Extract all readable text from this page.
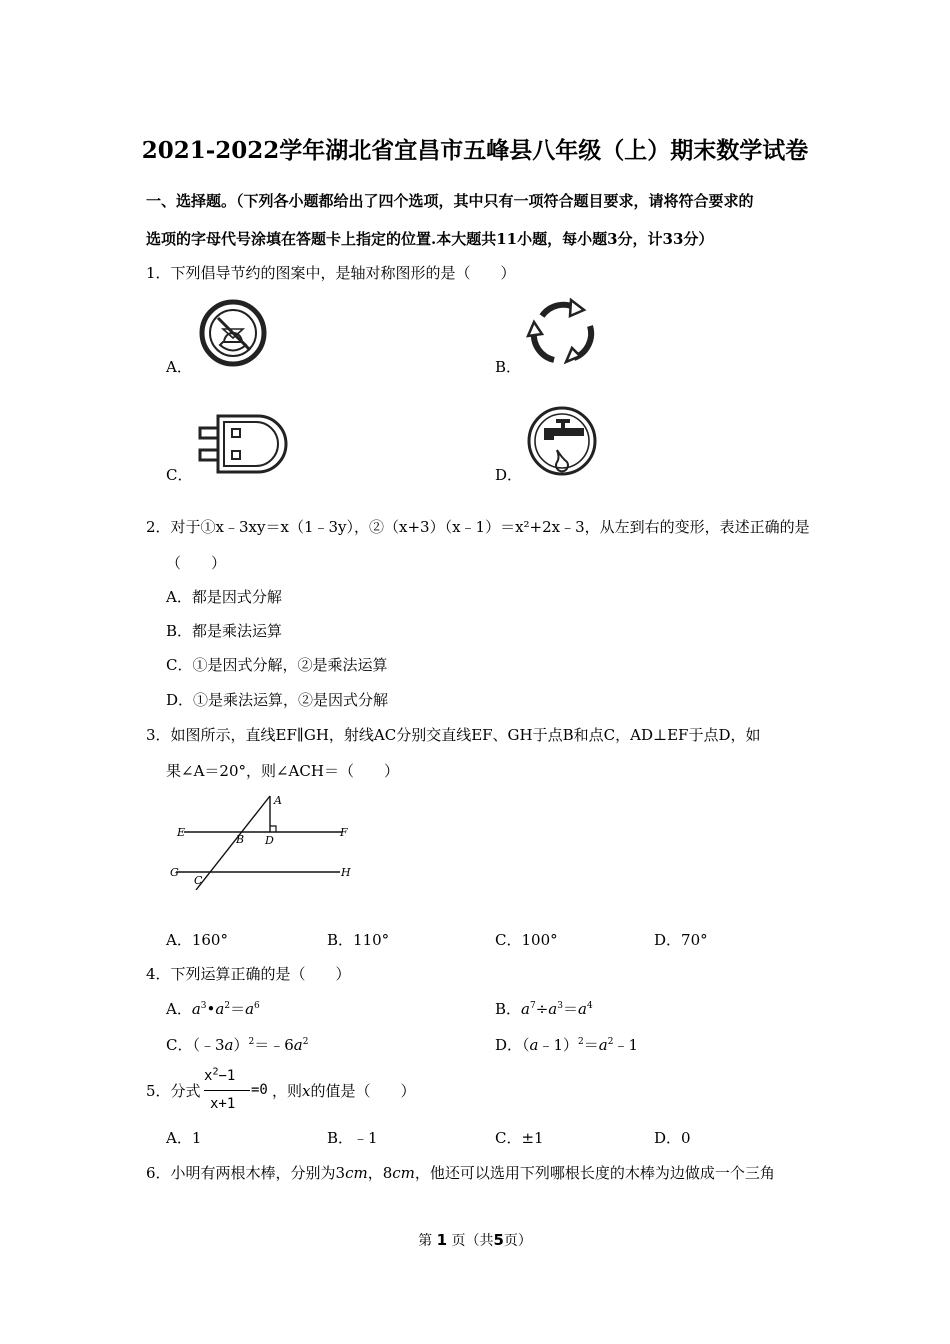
2021-2022学年湖北省宜昌市五峰县八年级（上）期末数学试卷
一、选择题。（下列各小题都给出了四个选项，其中只有一项符合题目要求，请将符合要求的
选项的字母代号涂填在答题卡上指定的位置.本大题共11小题，每小题3分，计33分）
1．下列倡导节约的图案中，是轴对称图形的是（　　）
A．	B．
C．	D．
2．对于①x﹣3xy＝x（1﹣3y），②（x+3）（x﹣1）＝x²+2x﹣3，从左到右的变形，表述正确的是
（　　）
A．都是因式分解
B．都是乘法运算
C．①是因式分解，②是乘法运算
D．①是乘法运算，②是因式分解
3．如图所示，直线EF∥GH，射线AC分别交直线EF、GH于点B和点C，AD⊥EF于点D，如
果∠A＝20°，则∠ACH＝（　　）
A
B
C
D
E	F
G	H
A．160°	B．110°	C．100°	D．70°
4．下列运算正确的是（　　）
A．$a^3•a^2=a^6$	B．$a^7\div a^3=a^4$
C．$(﹣3a)^2=﹣6a^2$	D．$(a﹣1)^2=a^2﹣1$
5．分式
$x^2-1$
x+1
=0 ，则x的值是（　　）
A．1	B．﹣1	C．±1	D．0
6．小明有两根木棒，分别为3cm，8cm，他还可以选用下列哪根长度的木棒为边做成一个三角
第 1 页（共5页）
